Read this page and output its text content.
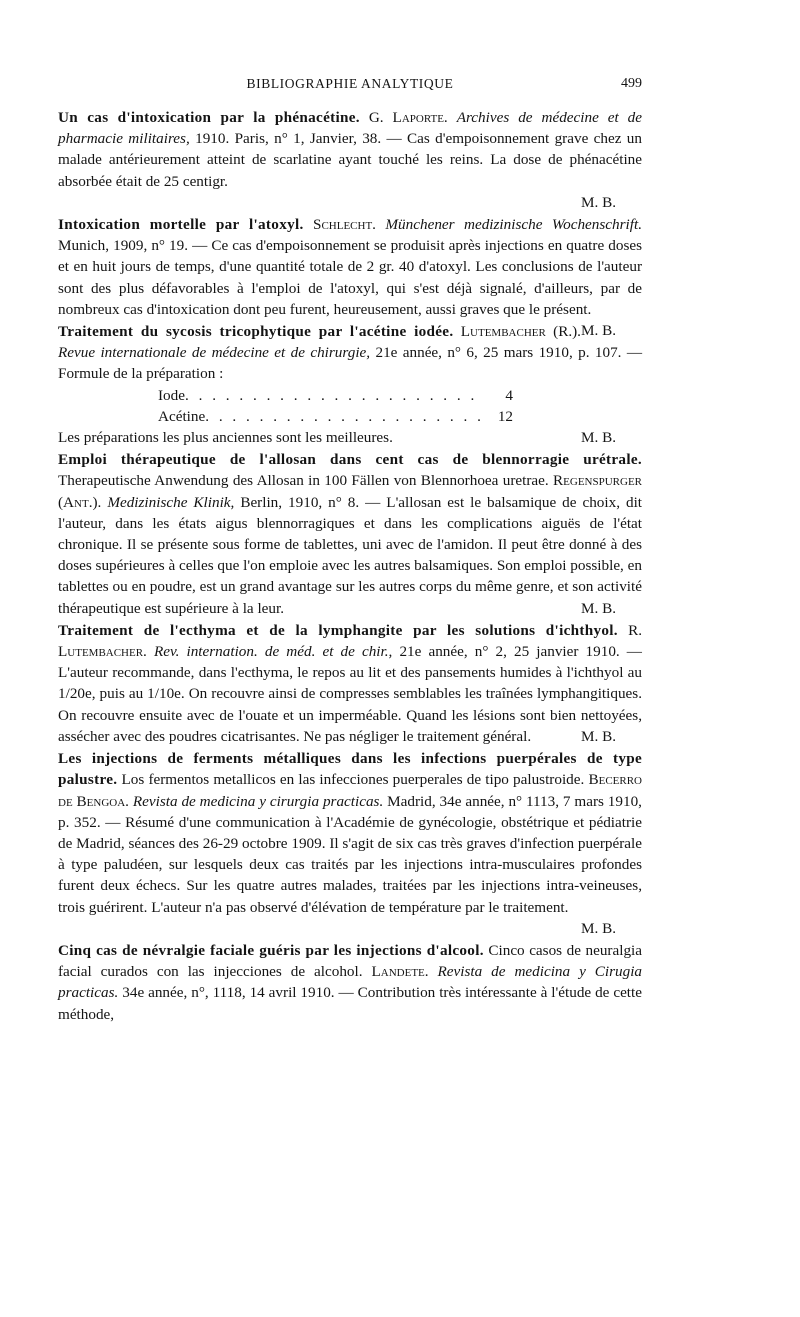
BIBLIOGRAPHIE ANALYTIQUE	499

Un cas d'intoxication par la phénacétine. G. Laporte. Archives de médecine et de pharmacie militaires, 1910. Paris, n° 1, Janvier, 38. — Cas d'empoisonnement grave chez un malade antérieurement atteint de scarlatine ayant touché les reins. La dose de phénacétine absorbée était de 25 centigr.

M. B.

Intoxication mortelle par l'atoxyl. Schlecht. Münchener medizinische Wochenschrift. Munich, 1909, n° 19. — Ce cas d'empoisonnement se produisit après injections en quatre doses et en huit jours de temps, d'une quantité totale de 2 gr. 40 d'atoxyl. Les conclusions de l'auteur sont des plus défavorables à l'emploi de l'atoxyl, qui s'est déjà signalé, d'ailleurs, par de nombreux cas d'intoxication dont peu furent, heureusement, aussi graves que le présent.
M. B.

Traitement du sycosis tricophytique par l'acétine iodée. Lutembacher (R.). Revue internationale de médecine et de chirurgie, 21e année, n° 6, 25 mars 1910, p. 107. — Formule de la préparation :

Iode . . .	4
Acétine . . .	12
Les préparations les plus anciennes sont les meilleures.	M. B.

Emploi thérapeutique de l'allosan dans cent cas de blennorragie urétrale. Therapeutische Anwendung des Allosan in 100 Fällen von Blennorhoea uretrae. Regenspurger (Ant.). Medizinische Klinik, Berlin, 1910, n° 8. — L'allosan est le balsamique de choix, dit l'auteur, dans les états aigus blennorragiques et dans les complications aiguës de l'état chronique. Il se présente sous forme de tablettes, uni avec de l'amidon. Il peut être donné à des doses supérieures à celles que l'on emploie avec les autres balsamiques. Son emploi possible, en tablettes ou en poudre, est un grand avantage sur les autres corps du même genre, et son activité thérapeutique est supérieure à la leur.	M. B.

Traitement de l'ecthyma et de la lymphangite par les solutions d'ichthyol. R. Lutembacher. Rev. internation. de méd. et de chir., 21e année, n° 2, 25 janvier 1910. — L'auteur recommande, dans l'ecthyma, le repos au lit et des pansements humides à l'ichthyol au 1/20e, puis au 1/10e. On recouvre ainsi de compresses semblables les traînées lymphangitiques. On recouvre ensuite avec de l'ouate et un imperméable. Quand les lésions sont bien nettoyées, assécher avec des poudres cicatrisantes. Ne pas négliger le traitement général.	M. B.

Les injections de ferments métalliques dans les infections puerpérales de type palustre. Los fermentos metallicos en las infecciones puerperales de tipo palustroide. Becerro de Bengoa. Revista de medicina y cirurgia practicas. Madrid, 34e année, n° 1113, 7 mars 1910, p. 352. — Résumé d'une communication à l'Académie de gynécologie, obstétrique et pédiatrie de Madrid, séances des 26-29 octobre 1909. Il s'agit de six cas très graves d'infection puerpérale à type paludéen, sur lesquels deux cas traités par les injections intra-musculaires profondes furent deux échecs. Sur les quatre autres malades, traitées par les injections intra-veineuses, trois guérirent. L'auteur n'a pas observé d'élévation de température par le traitement.

M. B.

Cinq cas de névralgie faciale guéris par les injections d'alcool. Cinco casos de neuralgia facial curados con las injecciones de alcohol. Landete. Revista de medicina y Cirugia practicas. 34e année, n°, 1118, 14 avril 1910. — Contribution très intéressante à l'étude de cette méthode,
